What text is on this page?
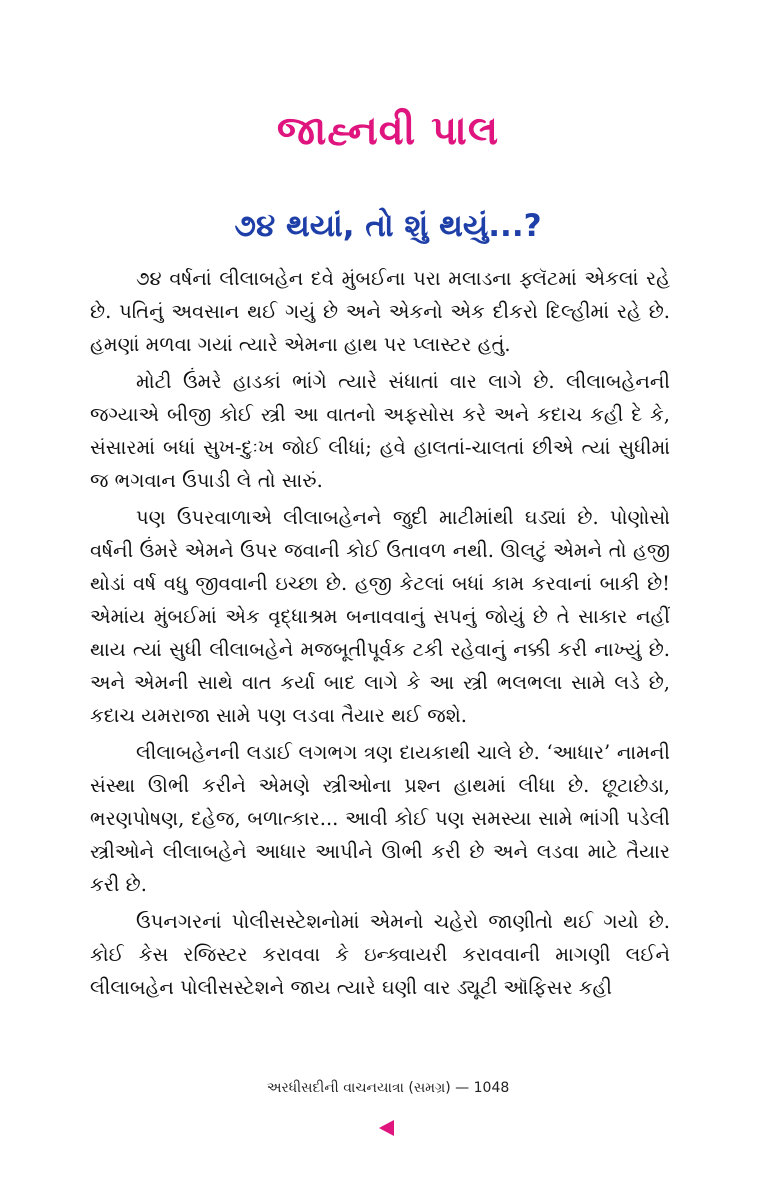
જાહ્નવી પાલ
૭૪ થયાં, તો શું થયું...?

૭૪ વર્ષનાં લીલાબહેન દવે મુંબઈના પરા મલાડના ફ્લૅટમાં એકલાં રહે છે. પતિનું અવસાન થઈ ગયું છે અને એકનો એક દીકરો દિલ્હીમાં રહે છે. હમણાં મળવા ગયાં ત્યારે એમના હાથ પર પ્લાસ્ટર હતું.

મોટી ઉંમરે હાડકાં ભાંગે ત્યારે સંધાતાં વાર લાગે છે. લીલાબહેનની જગ્યાએ બીજી કોઈ સ્ત્રી આ વાતનો અફસોસ કરે અને કદાચ કહી દે કે, સંસારમાં બધાં સુખ-દુઃખ જોઈ લીધાં; હવે હાલતાં-ચાલતાં છીએ ત્યાં સુધીમાં જ ભગવાન ઉપાડી લે તો સારું.

પણ ઉપરવાળાએ લીલાબહેનને જુદી માટીમાંથી ઘડ્યાં છે. પોણોસો વર્ષની ઉંમરે એમને ઉપર જવાની કોઈ ઉતાવળ નથી. ઊલટું એમને તો હજી થોડાં વર્ષ વધુ જીવવાની ઇચ્છા છે. હજી કેટલાં બધાં કામ કરવાનાં બાકી છે! એમાંય મુંબઈમાં એક વૃદ્ધાશ્રમ બનાવવાનું સપનું જોયું છે તે સાકાર નહીં થાય ત્યાં સુધી લીલાબહેને મજબૂતીપૂર્વક ટકી રહેવાનું નક્કી કરી નાખ્યું છે. અને એમની સાથે વાત કર્યા બાદ લાગે કે આ સ્ત્રી ભલભલા સામે લડે છે, કદાચ યમરાજા સામે પણ લડવા તૈયાર થઈ જશે.

લીલાબહેનની લડાઈ લગભગ ત્રણ દાયકાથી ચાલે છે. ‘આધાર’ નામની સંસ્થા ઊભી કરીને એમણે સ્ત્રીઓના પ્રશ્ન હાથમાં લીધા છે. છૂટાછેડા, ભરણપોષણ, દહેજ, બળાત્કાર... આવી કોઈ પણ સમસ્યા સામે ભાંગી પડેલી સ્ત્રીઓને લીલાબહેને આધાર આપીને ઊભી કરી છે અને લડવા માટે તૈયાર કરી છે.

ઉપનગરનાં પોલીસસ્ટેશનોમાં એમનો ચહેરો જાણીતો થઈ ગયો છે. કોઈ કેસ રજિસ્ટર કરાવવા કે ઇન્ક્વાયરી કરાવવાની માગણી લઈને લીલાબહેન પોલીસસ્ટેશને જાય ત્યારે ઘણી વાર ડ્યૂટી ઑફિસર કહી

અરધીસદીની વાચનયાત્રા (સમગ્ર) — 1048
